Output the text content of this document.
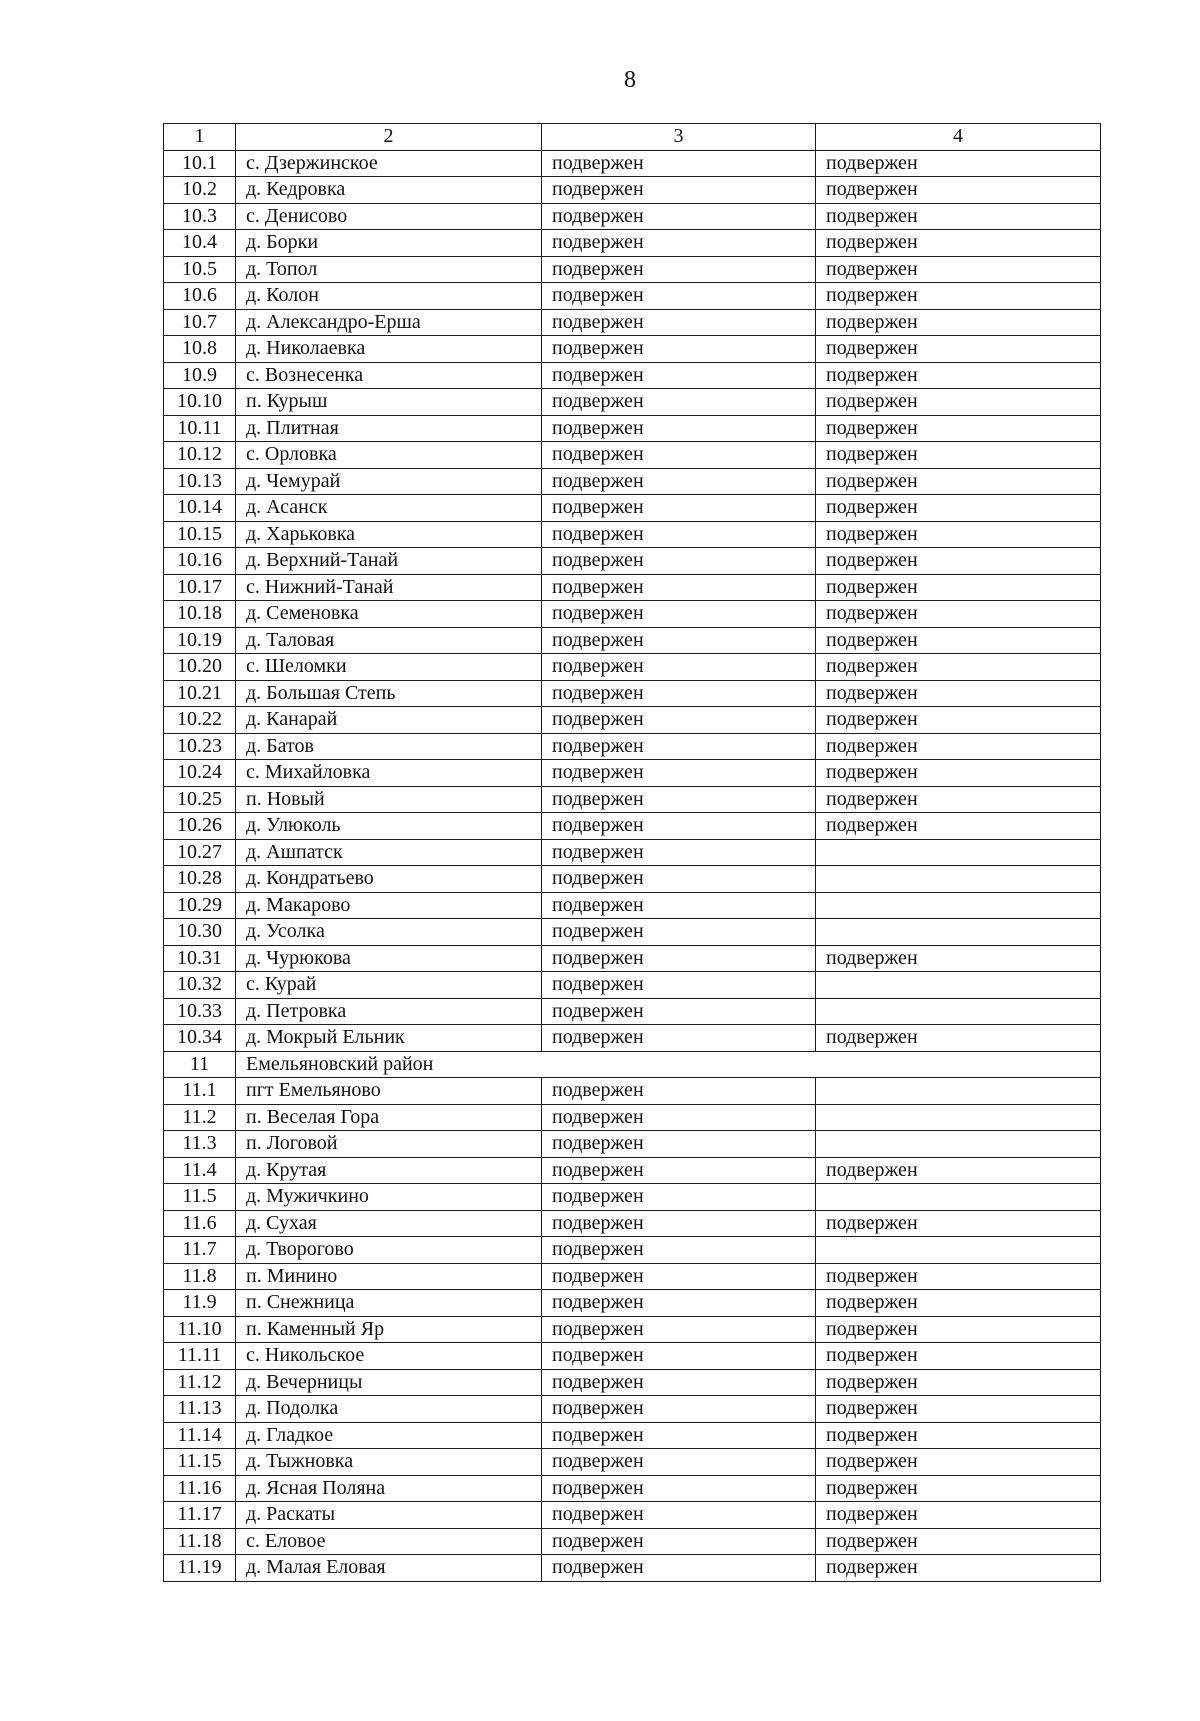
8
1	2	3	4
10.1	с. Дзержинское	подвержен	подвержен
10.2	д. Кедровка	подвержен	подвержен
10.3	с. Денисово	подвержен	подвержен
10.4	д. Борки	подвержен	подвержен
10.5	д. Топол	подвержен	подвержен
10.6	д. Колон	подвержен	подвержен
10.7	д. Александро-Ерша	подвержен	подвержен
10.8	д. Николаевка	подвержен	подвержен
10.9	с. Вознесенка	подвержен	подвержен
10.10	п. Курыш	подвержен	подвержен
10.11	д. Плитная	подвержен	подвержен
10.12	с. Орловка	подвержен	подвержен
10.13	д. Чемурай	подвержен	подвержен
10.14	д. Асанск	подвержен	подвержен
10.15	д. Харьковка	подвержен	подвержен
10.16	д. Верхний-Танай	подвержен	подвержен
10.17	с. Нижний-Танай	подвержен	подвержен
10.18	д. Семеновка	подвержен	подвержен
10.19	д. Таловая	подвержен	подвержен
10.20	с. Шеломки	подвержен	подвержен
10.21	д. Большая Степь	подвержен	подвержен
10.22	д. Канарай	подвержен	подвержен
10.23	д. Батов	подвержен	подвержен
10.24	с. Михайловка	подвержен	подвержен
10.25	п. Новый	подвержен	подвержен
10.26	д. Улюколь	подвержен	подвержен
10.27	д. Ашпатск	подвержен	
10.28	д. Кондратьево	подвержен	
10.29	д. Макарово	подвержен	
10.30	д. Усолка	подвержен	
10.31	д. Чурюкова	подвержен	подвержен
10.32	с. Курай	подвержен	
10.33	д. Петровка	подвержен	
10.34	д. Мокрый Ельник	подвержен	подвержен
11	Емельяновский район		
11.1	пгт Емельяново	подвержен	
11.2	п. Веселая Гора	подвержен	
11.3	п. Логовой	подвержен	
11.4	д. Крутая	подвержен	подвержен
11.5	д. Мужичкино	подвержен	
11.6	д. Сухая	подвержен	подвержен
11.7	д. Творогово	подвержен	
11.8	п. Минино	подвержен	подвержен
11.9	п. Снежница	подвержен	подвержен
11.10	п. Каменный Яр	подвержен	подвержен
11.11	с. Никольское	подвержен	подвержен
11.12	д. Вечерницы	подвержен	подвержен
11.13	д. Подолка	подвержен	подвержен
11.14	д. Гладкое	подвержен	подвержен
11.15	д. Тыжновка	подвержен	подвержен
11.16	д. Ясная Поляна	подвержен	подвержен
11.17	д. Раскаты	подвержен	подвержен
11.18	с. Еловое	подвержен	подвержен
11.19	д. Малая Еловая	подвержен	подвержен
